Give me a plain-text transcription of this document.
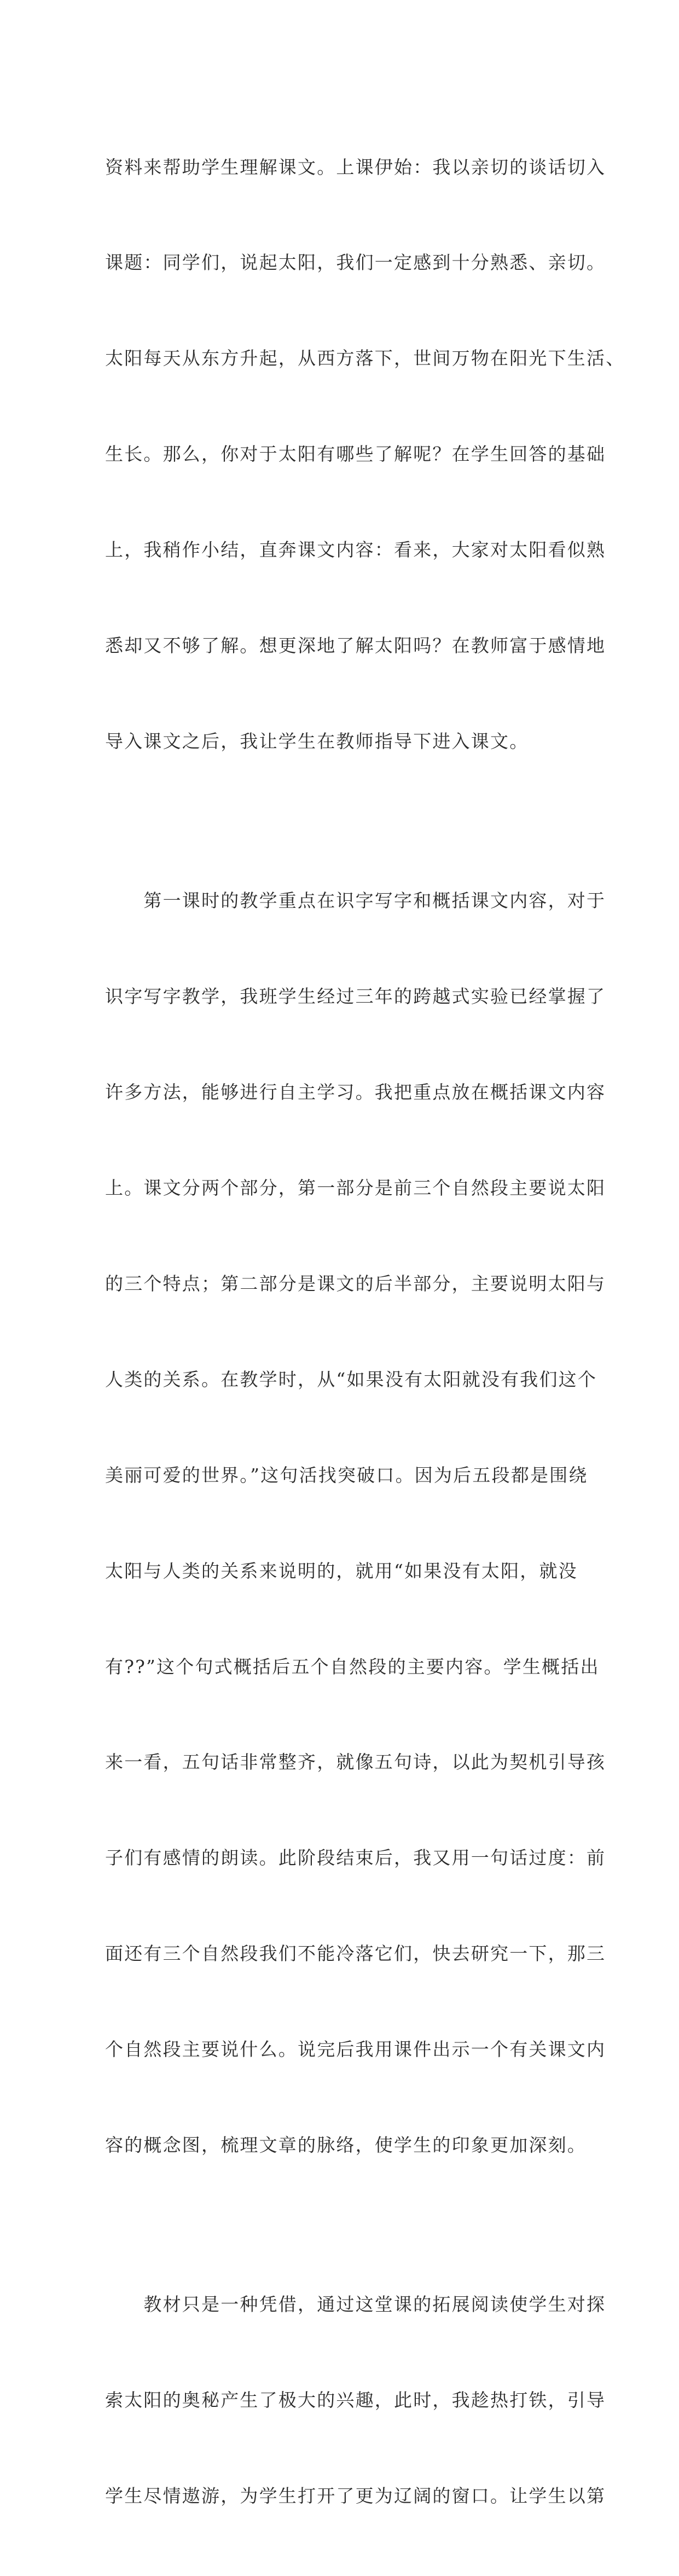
资料来帮助学生理解课文。上课伊始：我以亲切的谈话切入

课题：同学们，说起太阳，我们一定感到十分熟悉、亲切。

太阳每天从东方升起，从西方落下，世间万物在阳光下生活、

生长。那么，你对于太阳有哪些了解呢？在学生回答的基础

上，我稍作小结，直奔课文内容：看来，大家对太阳看似熟

悉却又不够了解。想更深地了解太阳吗？在教师富于感情地

导入课文之后，我让学生在教师指导下进入课文。

　　第一课时的教学重点在识字写字和概括课文内容，对于

识字写字教学，我班学生经过三年的跨越式实验已经掌握了

许多方法，能够进行自主学习。我把重点放在概括课文内容

上。课文分两个部分，第一部分是前三个自然段主要说太阳

的三个特点；第二部分是课文的后半部分，主要说明太阳与

人类的关系。在教学时，从“如果没有太阳就没有我们这个

美丽可爱的世界。”这句活找突破口。因为后五段都是围绕

太阳与人类的关系来说明的，就用“如果没有太阳，就没

有??”这个句式概括后五个自然段的主要内容。学生概括出

来一看，五句话非常整齐，就像五句诗，以此为契机引导孩

子们有感情的朗读。此阶段结束后，我又用一句话过度：前

面还有三个自然段我们不能冷落它们，快去研究一下，那三

个自然段主要说什么。说完后我用课件出示一个有关课文内

容的概念图，梳理文章的脉络，使学生的印象更加深刻。

　　教材只是一种凭借，通过这堂课的拓展阅读使学生对探

索太阳的奥秘产生了极大的兴趣，此时，我趁热打铁，引导

学生尽情遨游，为学生打开了更为辽阔的窗口。让学生以第
